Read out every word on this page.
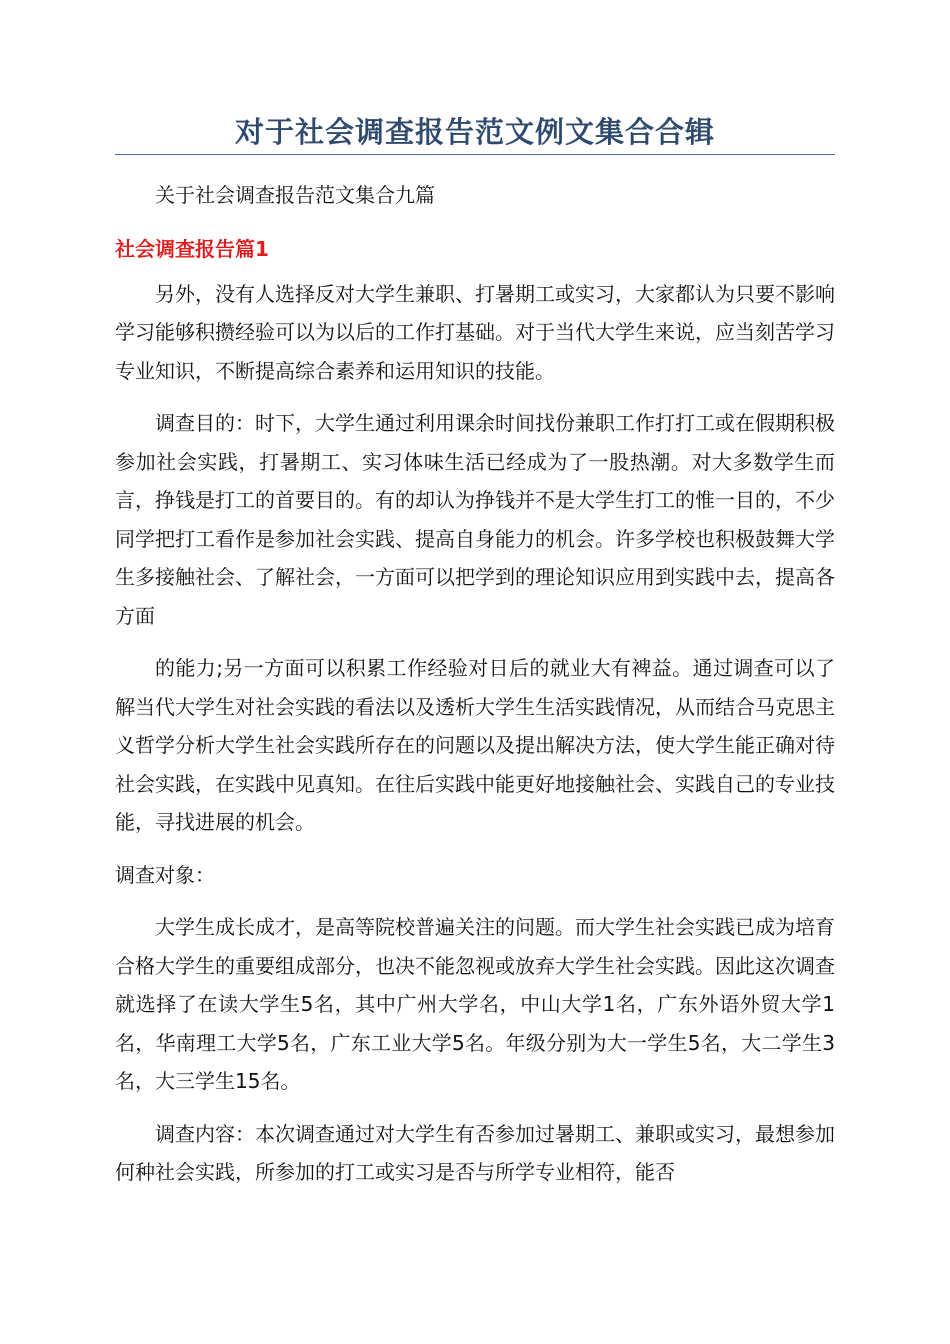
对于社会调查报告范文例文集合合辑

关于社会调查报告范文集合九篇

社会调查报告篇1

另外，没有人选择反对大学生兼职、打暑期工或实习，大家都认为只要不影响学习能够积攒经验可以为以后的工作打基础。对于当代大学生来说，应当刻苦学习专业知识，不断提高综合素养和运用知识的技能。

调查目的：时下，大学生通过利用课余时间找份兼职工作打打工或在假期积极参加社会实践，打暑期工、实习体味生活已经成为了一股热潮。对大多数学生而言，挣钱是打工的首要目的。有的却认为挣钱并不是大学生打工的惟一目的，不少同学把打工看作是参加社会实践、提高自身能力的机会。许多学校也积极鼓舞大学生多接触社会、了解社会，一方面可以把学到的理论知识应用到实践中去，提高各方面

的能力;另一方面可以积累工作经验对日后的就业大有裨益。通过调查可以了解当代大学生对社会实践的看法以及透析大学生生活实践情况，从而结合马克思主义哲学分析大学生社会实践所存在的问题以及提出解决方法，使大学生能正确对待社会实践，在实践中见真知。在往后实践中能更好地接触社会、实践自己的专业技能，寻找进展的机会。

调查对象：

大学生成长成才，是高等院校普遍关注的问题。而大学生社会实践已成为培育合格大学生的重要组成部分，也决不能忽视或放弃大学生社会实践。因此这次调查就选择了在读大学生5名，其中广州大学名，中山大学1名，广东外语外贸大学1名，华南理工大学5名，广东工业大学5名。年级分别为大一学生5名，大二学生3名，大三学生15名。

调查内容：本次调查通过对大学生有否参加过暑期工、兼职或实习，最想参加何种社会实践，所参加的打工或实习是否与所学专业相符，能否
